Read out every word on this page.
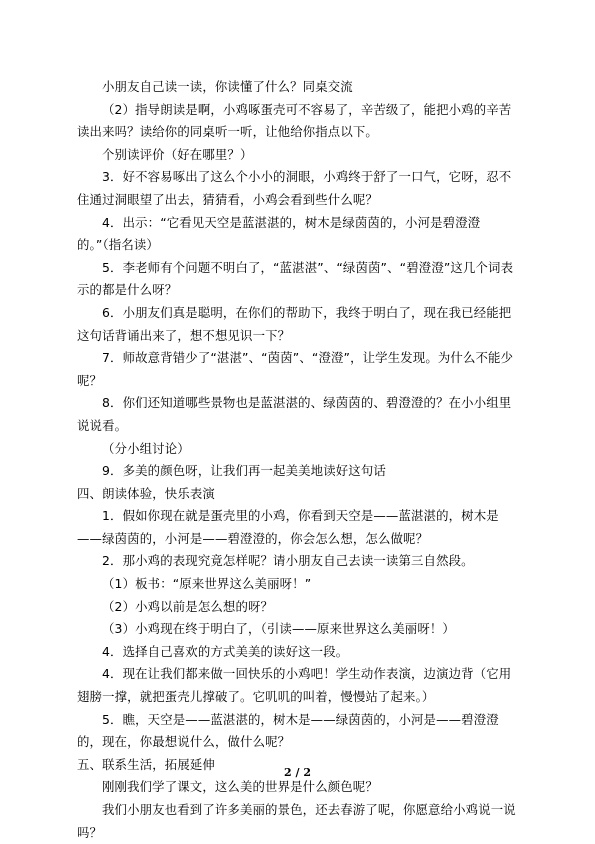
小朋友自己读一读，你读懂了什么？同桌交流

（2）指导朗读是啊，小鸡啄蛋壳可不容易了，辛苦级了，能把小鸡的辛苦读出来吗？读给你的同桌听一听，让他给你指点以下。

个别读评价（好在哪里？）

3．好不容易啄出了这么个小小的洞眼，小鸡终于舒了一口气，它呀，忍不住通过洞眼望了出去，猜猜看，小鸡会看到些什么呢？

4．出示：“它看见天空是蓝湛湛的，树木是绿茵茵的，小河是碧澄澄的。”（指名读）

5．李老师有个问题不明白了，“蓝湛湛”、“绿茵茵”、“碧澄澄”这几个词表示的都是什么呀？

6．小朋友们真是聪明，在你们的帮助下，我终于明白了，现在我已经能把这句话背诵出来了，想不想见识一下？

7．师故意背错少了“湛湛”、“茵茵”、“澄澄”，让学生发现。为什么不能少呢？

8．你们还知道哪些景物也是蓝湛湛的、绿茵茵的、碧澄澄的？在小小组里说说看。

（分小组讨论）

9．多美的颜色呀，让我们再一起美美地读好这句话

四、朗读体验，快乐表演

1．假如你现在就是蛋壳里的小鸡，你看到天空是——蓝湛湛的，树木是——绿茵茵的，小河是——碧澄澄的，你会怎么想，怎么做呢？

2．那小鸡的表现究竟怎样呢？请小朋友自己去读一读第三自然段。

（1）板书：“原来世界这么美丽呀！”

（2）小鸡以前是怎么想的呀？

（3）小鸡现在终于明白了，（引读——原来世界这么美丽呀！）

4．选择自己喜欢的方式美美的读好这一段。

4．现在让我们都来做一回快乐的小鸡吧！学生动作表演，边演边背（它用翅膀一撑，就把蛋壳儿撑破了。它叽叽的叫着，慢慢站了起来。）

5．瞧，天空是——蓝湛湛的，树木是——绿茵茵的，小河是——碧澄澄的，现在，你最想说什么，做什么呢？

五、联系生活，拓展延伸

刚刚我们学了课文，这么美的世界是什么颜色呢？

我们小朋友也看到了许多美丽的景色，还去春游了呢，你愿意给小鸡说一说吗？

2 / 2
